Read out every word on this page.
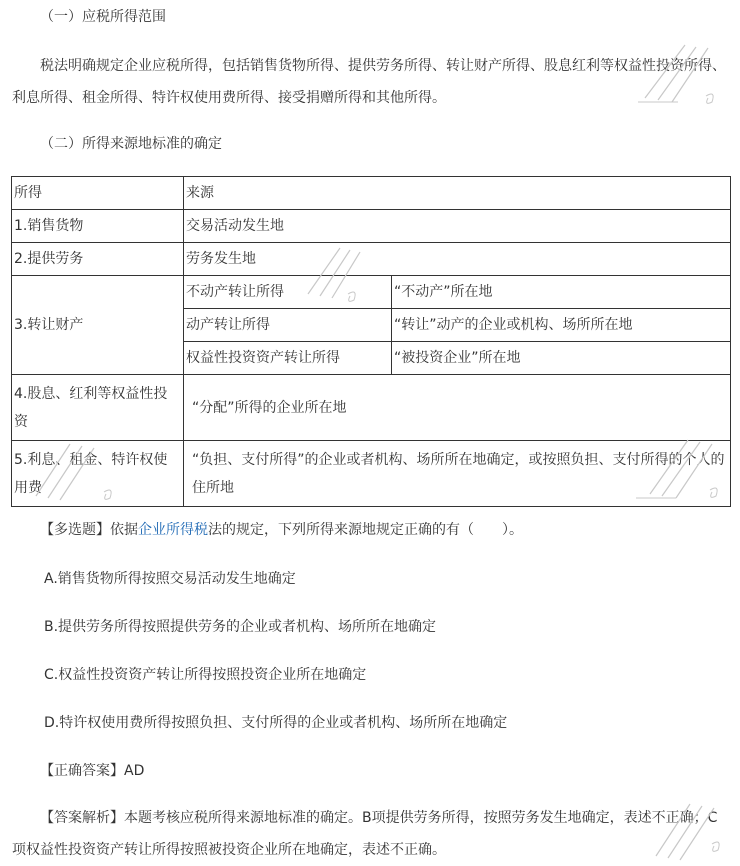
（一）应税所得范围
税法明确规定企业应税所得，包括销售货物所得、提供劳务所得、转让财产所得、股息红利等权益性投资所得、利息所得、租金所得、特许权使用费所得、接受捐赠所得和其他所得。
（二）所得来源地标准的确定
所得	来源	
1.销售货物	交易活动发生地	
2.提供劳务	劳务发生地	
3.转让财产	不动产转让所得	“不动产”所在地
	动产转让所得	“转让”动产的企业或机构、场所所在地
	权益性投资资产转让所得	“被投资企业”所在地
4.股息、红利等权益性投资	“分配”所得的企业所在地	
5.利息、租金、特许权使用费	“负担、支付所得”的企业或者机构、场所所在地确定，或按照负担、支付所得的个人的住所地	
【多选题】依据企业所得税法的规定，下列所得来源地规定正确的有（　　）。
A.销售货物所得按照交易活动发生地确定
B.提供劳务所得按照提供劳务的企业或者机构、场所所在地确定
C.权益性投资资产转让所得按照投资企业所在地确定
D.特许权使用费所得按照负担、支付所得的企业或者机构、场所所在地确定
【正确答案】AD
【答案解析】本题考核应税所得来源地标准的确定。B项提供劳务所得，按照劳务发生地确定，表述不正确；C项权益性投资资产转让所得按照被投资企业所在地确定，表述不正确。
